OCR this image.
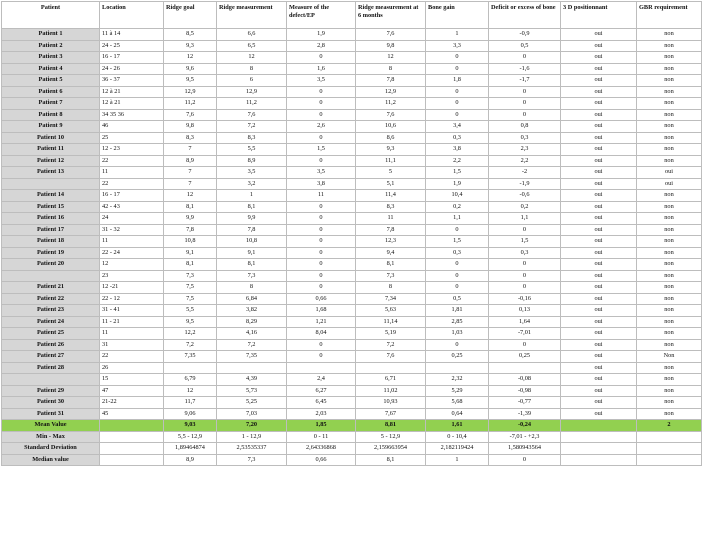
Patient	Location	Ridge goal	Ridge measurement	Measure of the defect/EP	Ridge measurement at 6 months	Bone gain	Deficit or excess of bone	3 D positionnant	GBR requirement
Patient 1	11 à 14	8,5	6,6	1,9	7,6	1	-0,9	oui	non
Patient 2	24 - 25	9,3	6,5	2,8	9,8	3,3	0,5	oui	non
Patient 3	16 - 17	12	12	0	12	0	0	oui	non
Patient 4	24 - 26	9,6	8	1,6	8	0	-1,6	oui	non
Patient 5	36 - 37	9,5	6	3,5	7,8	1,8	-1,7	oui	non
Patient 6	12 à 21	12,9	12,9	0	12,9	0	0	oui	non
Patient 7	12 à 21	11,2	11,2	0	11,2	0	0	oui	non
Patient 8	34 35 36	7,6	7,6	0	7,6	0	0	oui	non
Patient 9	46	9,8	7,2	2,6	10,6	3,4	0,8	oui	non
Patient 10	25	8,3	8,3	0	8,6	0,3	0,3	oui	non
Patient 11	12 - 23	7	5,5	1,5	9,3	3,8	2,3	oui	non
Patient 12	22	8,9	8,9	0	11,1	2,2	2,2	oui	non
Patient 13	11	7	3,5	3,5	5	1,5	-2	oui	oui
	22	7	3,2	3,8	5,1	1,9	-1,9	oui	oui
Patient 14	16 - 17	12	1	11	11,4	10,4	-0,6	oui	non
Patient 15	42 - 43	8,1	8,1	0	8,3	0,2	0,2	oui	non
Patient 16	24	9,9	9,9	0	11	1,1	1,1	oui	non
Patient 17	31 - 32	7,8	7,8	0	7,8	0	0	oui	non
Patient 18	11	10,8	10,8	0	12,3	1,5	1,5	oui	non
Patient 19	22 - 24	9,1	9,1	0	9,4	0,3	0,3	oui	non
Patient 20	12	8,1	8,1	0	8,1	0	0	oui	non
	23	7,3	7,3	0	7,3	0	0	oui	non
Patient 21	12 -21	7,5	8	0	8	0	0	oui	non
Patient 22	22 - 12	7,5	6,84	0,66	7,34	0,5	-0,16	oui	non
Patient 23	31 - 41	5,5	3,82	1,68	5,63	1,81	0,13	oui	non
Patient 24	11 - 21	9,5	8,29	1,21	11,14	2,85	1,64	oui	non
Patient 25	11	12,2	4,16	8,04	5,19	1,03	-7,01	oui	non
Patient 26	31	7,2	7,2	0	7,2	0	0	oui	non
Patient 27	22	7,35	7,35	0	7,6	0,25	0,25	oui	Non
Patient 28	26							oui	non
	15	6,79	4,39	2,4	6,71	2,32	-0,08	oui	non
Patient 29	47	12	5,73	6,27	11,02	5,29	-0,98	oui	non
Patient 30	21-22	11,7	5,25	6,45	10,93	5,68	-0,77	oui	non
Patient 31	45	9,06	7,03	2,03	7,67	0,64	-1,39	oui	non
Mean Value		9,03	7,20	1,85	8,81	1,61	-0,24		2
Min - Max		5,5 - 12,9	1 - 12,9	0 - 11	5 - 12,9	0 - 10,4	-7,01 - +2,3		
Standard Deviation		1,89464874	2,53535337	2,64336868	2,159663954	2,182119424	1,580943564		
Median value		8,9	7,3	0,66	8,1	1	0		
